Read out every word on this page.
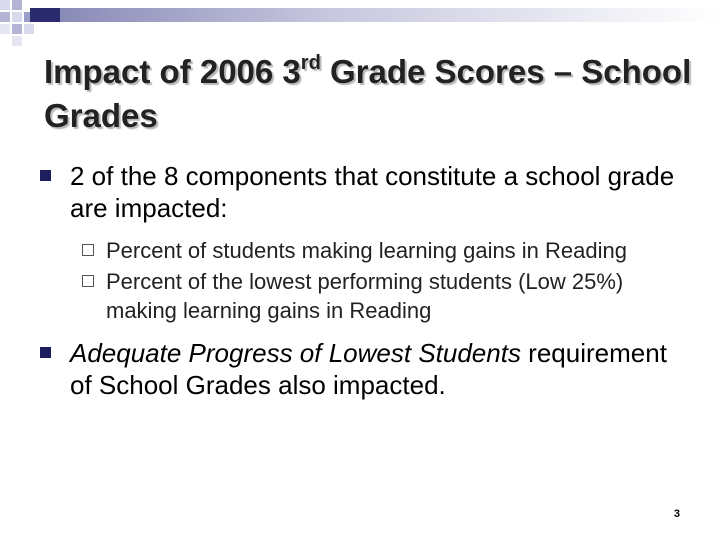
Impact of 2006 3rd Grade Scores – School Grades
2 of the 8 components that constitute a school grade are impacted:
Percent of students making learning gains in Reading
Percent of the lowest performing students (Low 25%) making learning gains in Reading
Adequate Progress of Lowest Students requirement of School Grades also impacted.
3
